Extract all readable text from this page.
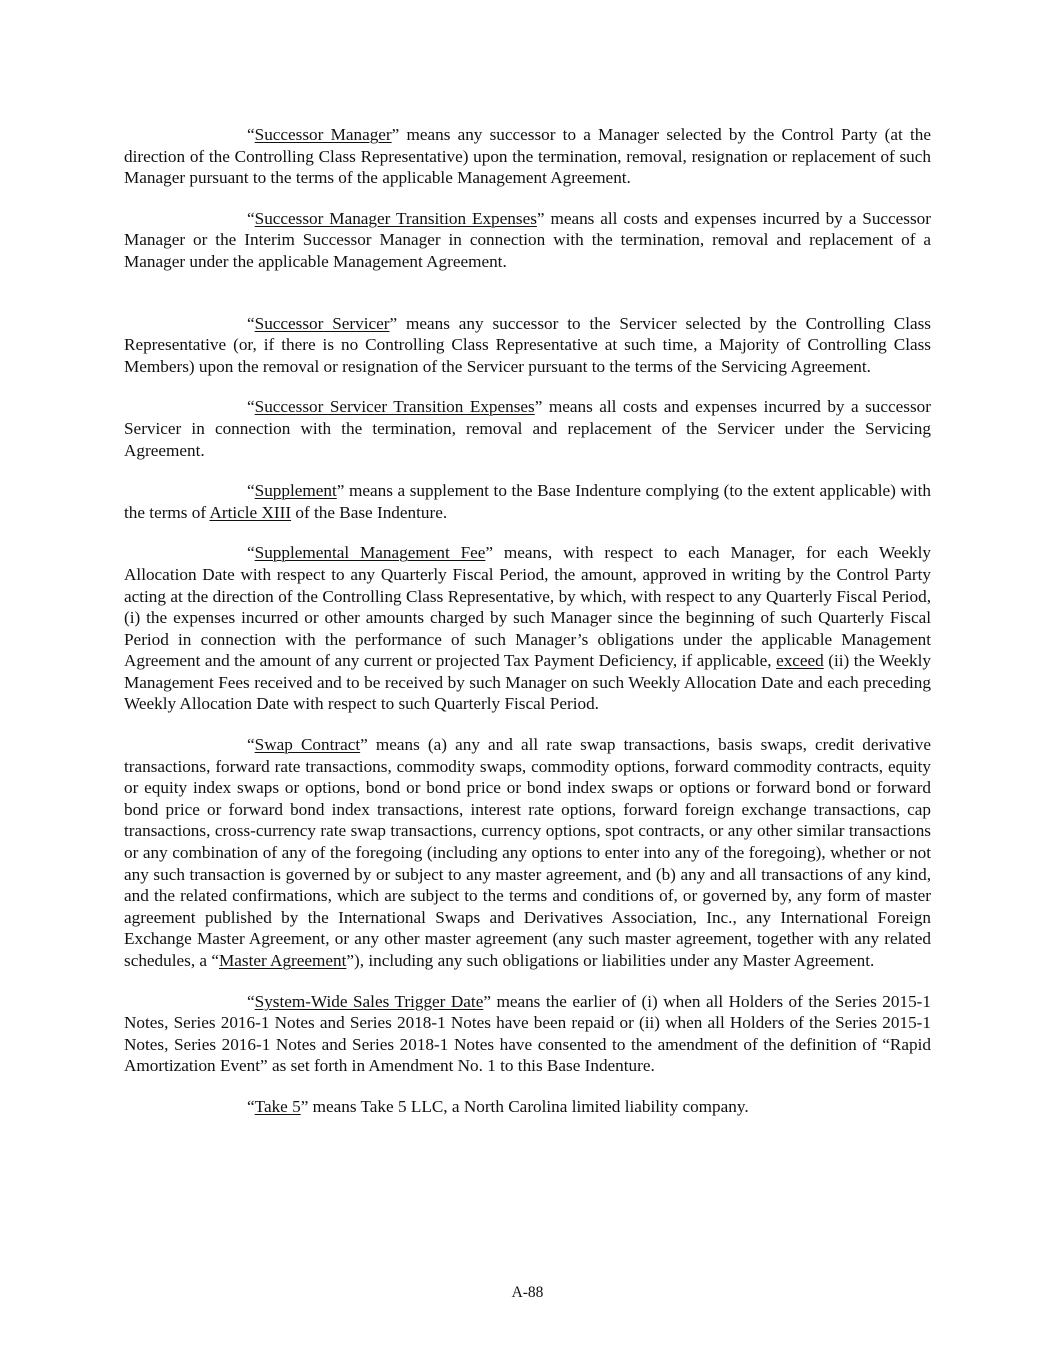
“Successor Manager” means any successor to a Manager selected by the Control Party (at the direction of the Controlling Class Representative) upon the termination, removal, resignation or replacement of such Manager pursuant to the terms of the applicable Management Agreement.

“Successor Manager Transition Expenses” means all costs and expenses incurred by a Successor Manager or the Interim Successor Manager in connection with the termination, removal and replacement of a Manager under the applicable Management Agreement.

“Successor Servicer” means any successor to the Servicer selected by the Controlling Class Representative (or, if there is no Controlling Class Representative at such time, a Majority of Controlling Class Members) upon the removal or resignation of the Servicer pursuant to the terms of the Servicing Agreement.

“Successor Servicer Transition Expenses” means all costs and expenses incurred by a successor Servicer in connection with the termination, removal and replacement of the Servicer under the Servicing Agreement.

“Supplement” means a supplement to the Base Indenture complying (to the extent applicable) with the terms of Article XIII of the Base Indenture.

“Supplemental Management Fee” means, with respect to each Manager, for each Weekly Allocation Date with respect to any Quarterly Fiscal Period, the amount, approved in writing by the Control Party acting at the direction of the Controlling Class Representative, by which, with respect to any Quarterly Fiscal Period, (i) the expenses incurred or other amounts charged by such Manager since the beginning of such Quarterly Fiscal Period in connection with the performance of such Manager’s obligations under the applicable Management Agreement and the amount of any current or projected Tax Payment Deficiency, if applicable, exceed (ii) the Weekly Management Fees received and to be received by such Manager on such Weekly Allocation Date and each preceding Weekly Allocation Date with respect to such Quarterly Fiscal Period.

“Swap Contract” means (a) any and all rate swap transactions, basis swaps, credit derivative transactions, forward rate transactions, commodity swaps, commodity options, forward commodity contracts, equity or equity index swaps or options, bond or bond price or bond index swaps or options or forward bond or forward bond price or forward bond index transactions, interest rate options, forward foreign exchange transactions, cap transactions, cross-currency rate swap transactions, currency options, spot contracts, or any other similar transactions or any combination of any of the foregoing (including any options to enter into any of the foregoing), whether or not any such transaction is governed by or subject to any master agreement, and (b) any and all transactions of any kind, and the related confirmations, which are subject to the terms and conditions of, or governed by, any form of master agreement published by the International Swaps and Derivatives Association, Inc., any International Foreign Exchange Master Agreement, or any other master agreement (any such master agreement, together with any related schedules, a “Master Agreement”), including any such obligations or liabilities under any Master Agreement.

“System-Wide Sales Trigger Date” means the earlier of (i) when all Holders of the Series 2015-1 Notes, Series 2016-1 Notes and Series 2018-1 Notes have been repaid or (ii) when all Holders of the Series 2015-1 Notes, Series 2016-1 Notes and Series 2018-1 Notes have consented to the amendment of the definition of “Rapid Amortization Event” as set forth in Amendment No. 1 to this Base Indenture.

“Take 5” means Take 5 LLC, a North Carolina limited liability company.

A-88
